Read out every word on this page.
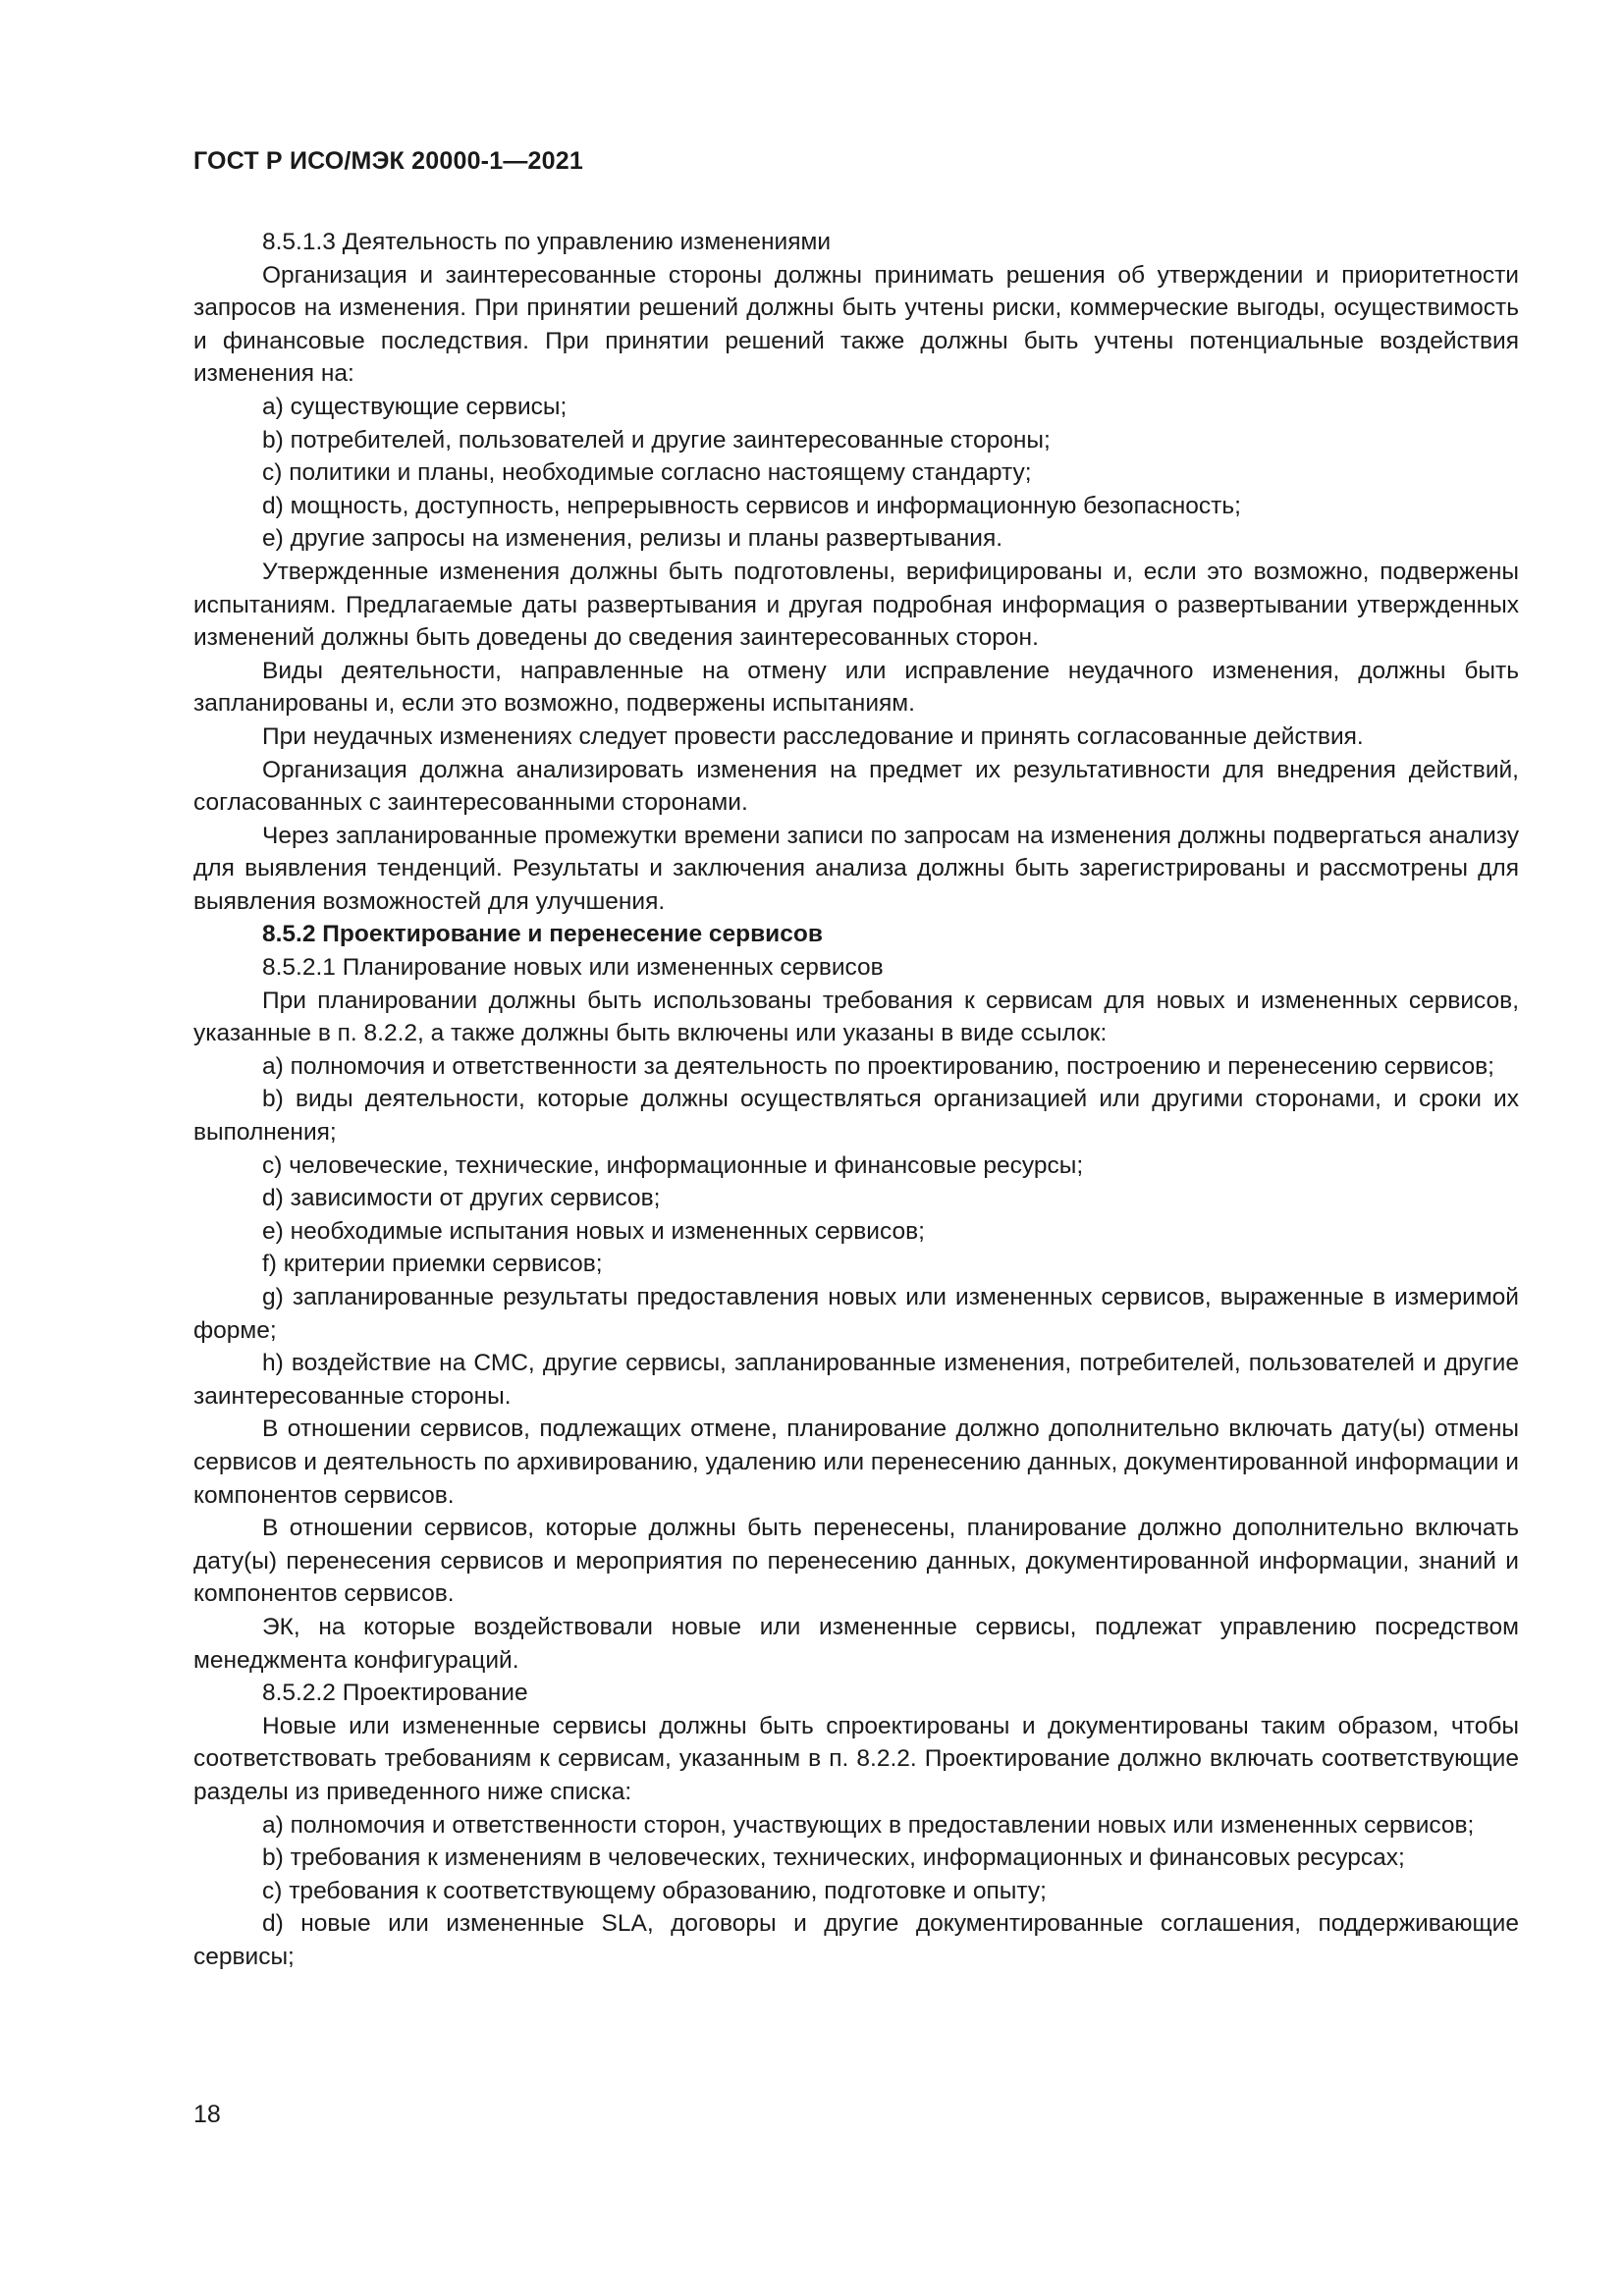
ГОСТ Р ИСО/МЭК 20000-1—2021

8.5.1.3 Деятельность по управлению изменениями

Организация и заинтересованные стороны должны принимать решения об утверждении и приоритетности запросов на изменения. При принятии решений должны быть учтены риски, коммерческие выгоды, осуществимость и финансовые последствия. При принятии решений также должны быть учтены потенциальные воздействия изменения на:

а) существующие сервисы;

b) потребителей, пользователей и другие заинтересованные стороны;

c) политики и планы, необходимые согласно настоящему стандарту;

d) мощность, доступность, непрерывность сервисов и информационную безопасность;

e) другие запросы на изменения, релизы и планы развертывания.

Утвержденные изменения должны быть подготовлены, верифицированы и, если это возможно, подвержены испытаниям. Предлагаемые даты развертывания и другая подробная информация о развертывании утвержденных изменений должны быть доведены до сведения заинтересованных сторон.

Виды деятельности, направленные на отмену или исправление неудачного изменения, должны быть запланированы и, если это возможно, подвержены испытаниям.

При неудачных изменениях следует провести расследование и принять согласованные действия.

Организация должна анализировать изменения на предмет их результативности для внедрения действий, согласованных с заинтересованными сторонами.

Через запланированные промежутки времени записи по запросам на изменения должны подвергаться анализу для выявления тенденций. Результаты и заключения анализа должны быть зарегистрированы и рассмотрены для выявления возможностей для улучшения.

8.5.2 Проектирование и перенесение сервисов

8.5.2.1 Планирование новых или измененных сервисов

При планировании должны быть использованы требования к сервисам для новых и измененных сервисов, указанные в п. 8.2.2, а также должны быть включены или указаны в виде ссылок:

a) полномочия и ответственности за деятельность по проектированию, построению и перенесению сервисов;

b) виды деятельности, которые должны осуществляться организацией или другими сторонами, и сроки их выполнения;

c) человеческие, технические, информационные и финансовые ресурсы;

d) зависимости от других сервисов;

e) необходимые испытания новых и измененных сервисов;

f) критерии приемки сервисов;

g) запланированные результаты предоставления новых или измененных сервисов, выраженные в измеримой форме;

h) воздействие на СМС, другие сервисы, запланированные изменения, потребителей, пользователей и другие заинтересованные стороны.

В отношении сервисов, подлежащих отмене, планирование должно дополнительно включать дату(ы) отмены сервисов и деятельность по архивированию, удалению или перенесению данных, документированной информации и компонентов сервисов.

В отношении сервисов, которые должны быть перенесены, планирование должно дополнительно включать дату(ы) перенесения сервисов и мероприятия по перенесению данных, документированной информации, знаний и компонентов сервисов.

ЭК, на которые воздействовали новые или измененные сервисы, подлежат управлению посредством менеджмента конфигураций.

8.5.2.2 Проектирование

Новые или измененные сервисы должны быть спроектированы и документированы таким образом, чтобы соответствовать требованиям к сервисам, указанным в п. 8.2.2. Проектирование должно включать соответствующие разделы из приведенного ниже списка:

a) полномочия и ответственности сторон, участвующих в предоставлении новых или измененных сервисов;

b) требования к изменениям в человеческих, технических, информационных и финансовых ресурсах;

c) требования к соответствующему образованию, подготовке и опыту;

d) новые или измененные SLA, договоры и другие документированные соглашения, поддерживающие сервисы;

18
